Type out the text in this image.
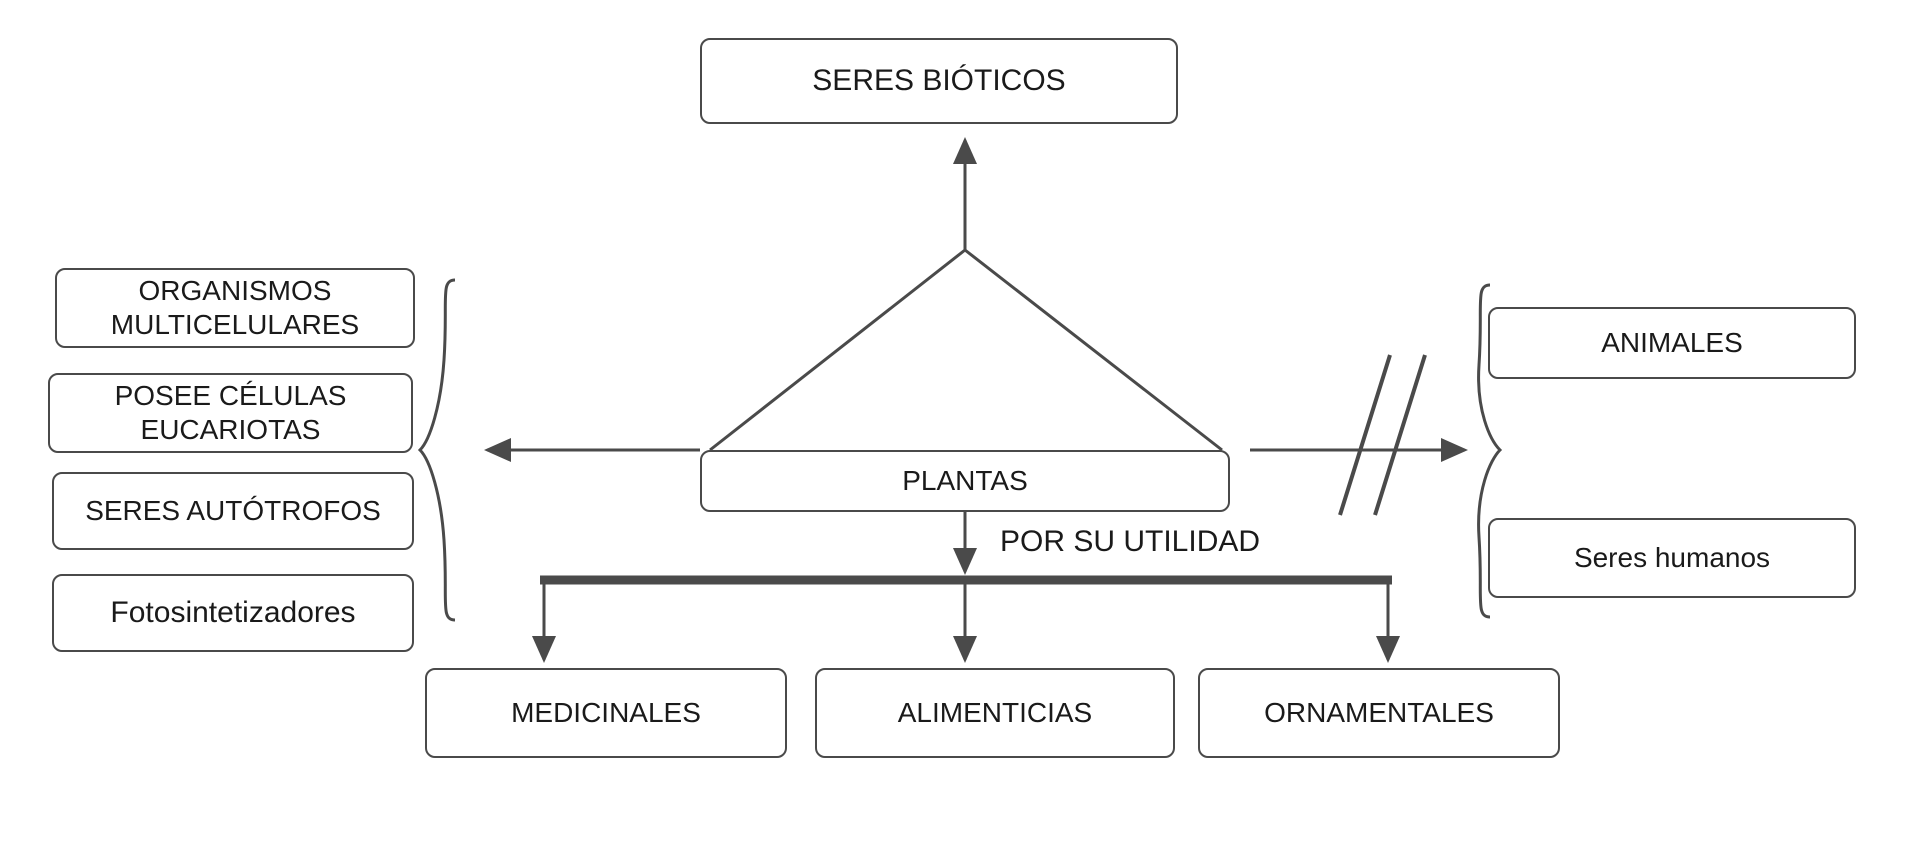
SERES BIÓTICOS
PLANTAS
ORGANISMOS
MULTICELULARES
POSEE CÉLULAS
EUCARIOTAS
SERES AUTÓTROFOS
Fotosintetizadores
ANIMALES
Seres humanos
POR SU UTILIDAD
MEDICINALES	ALIMENTICIAS	ORNAMENTALES
